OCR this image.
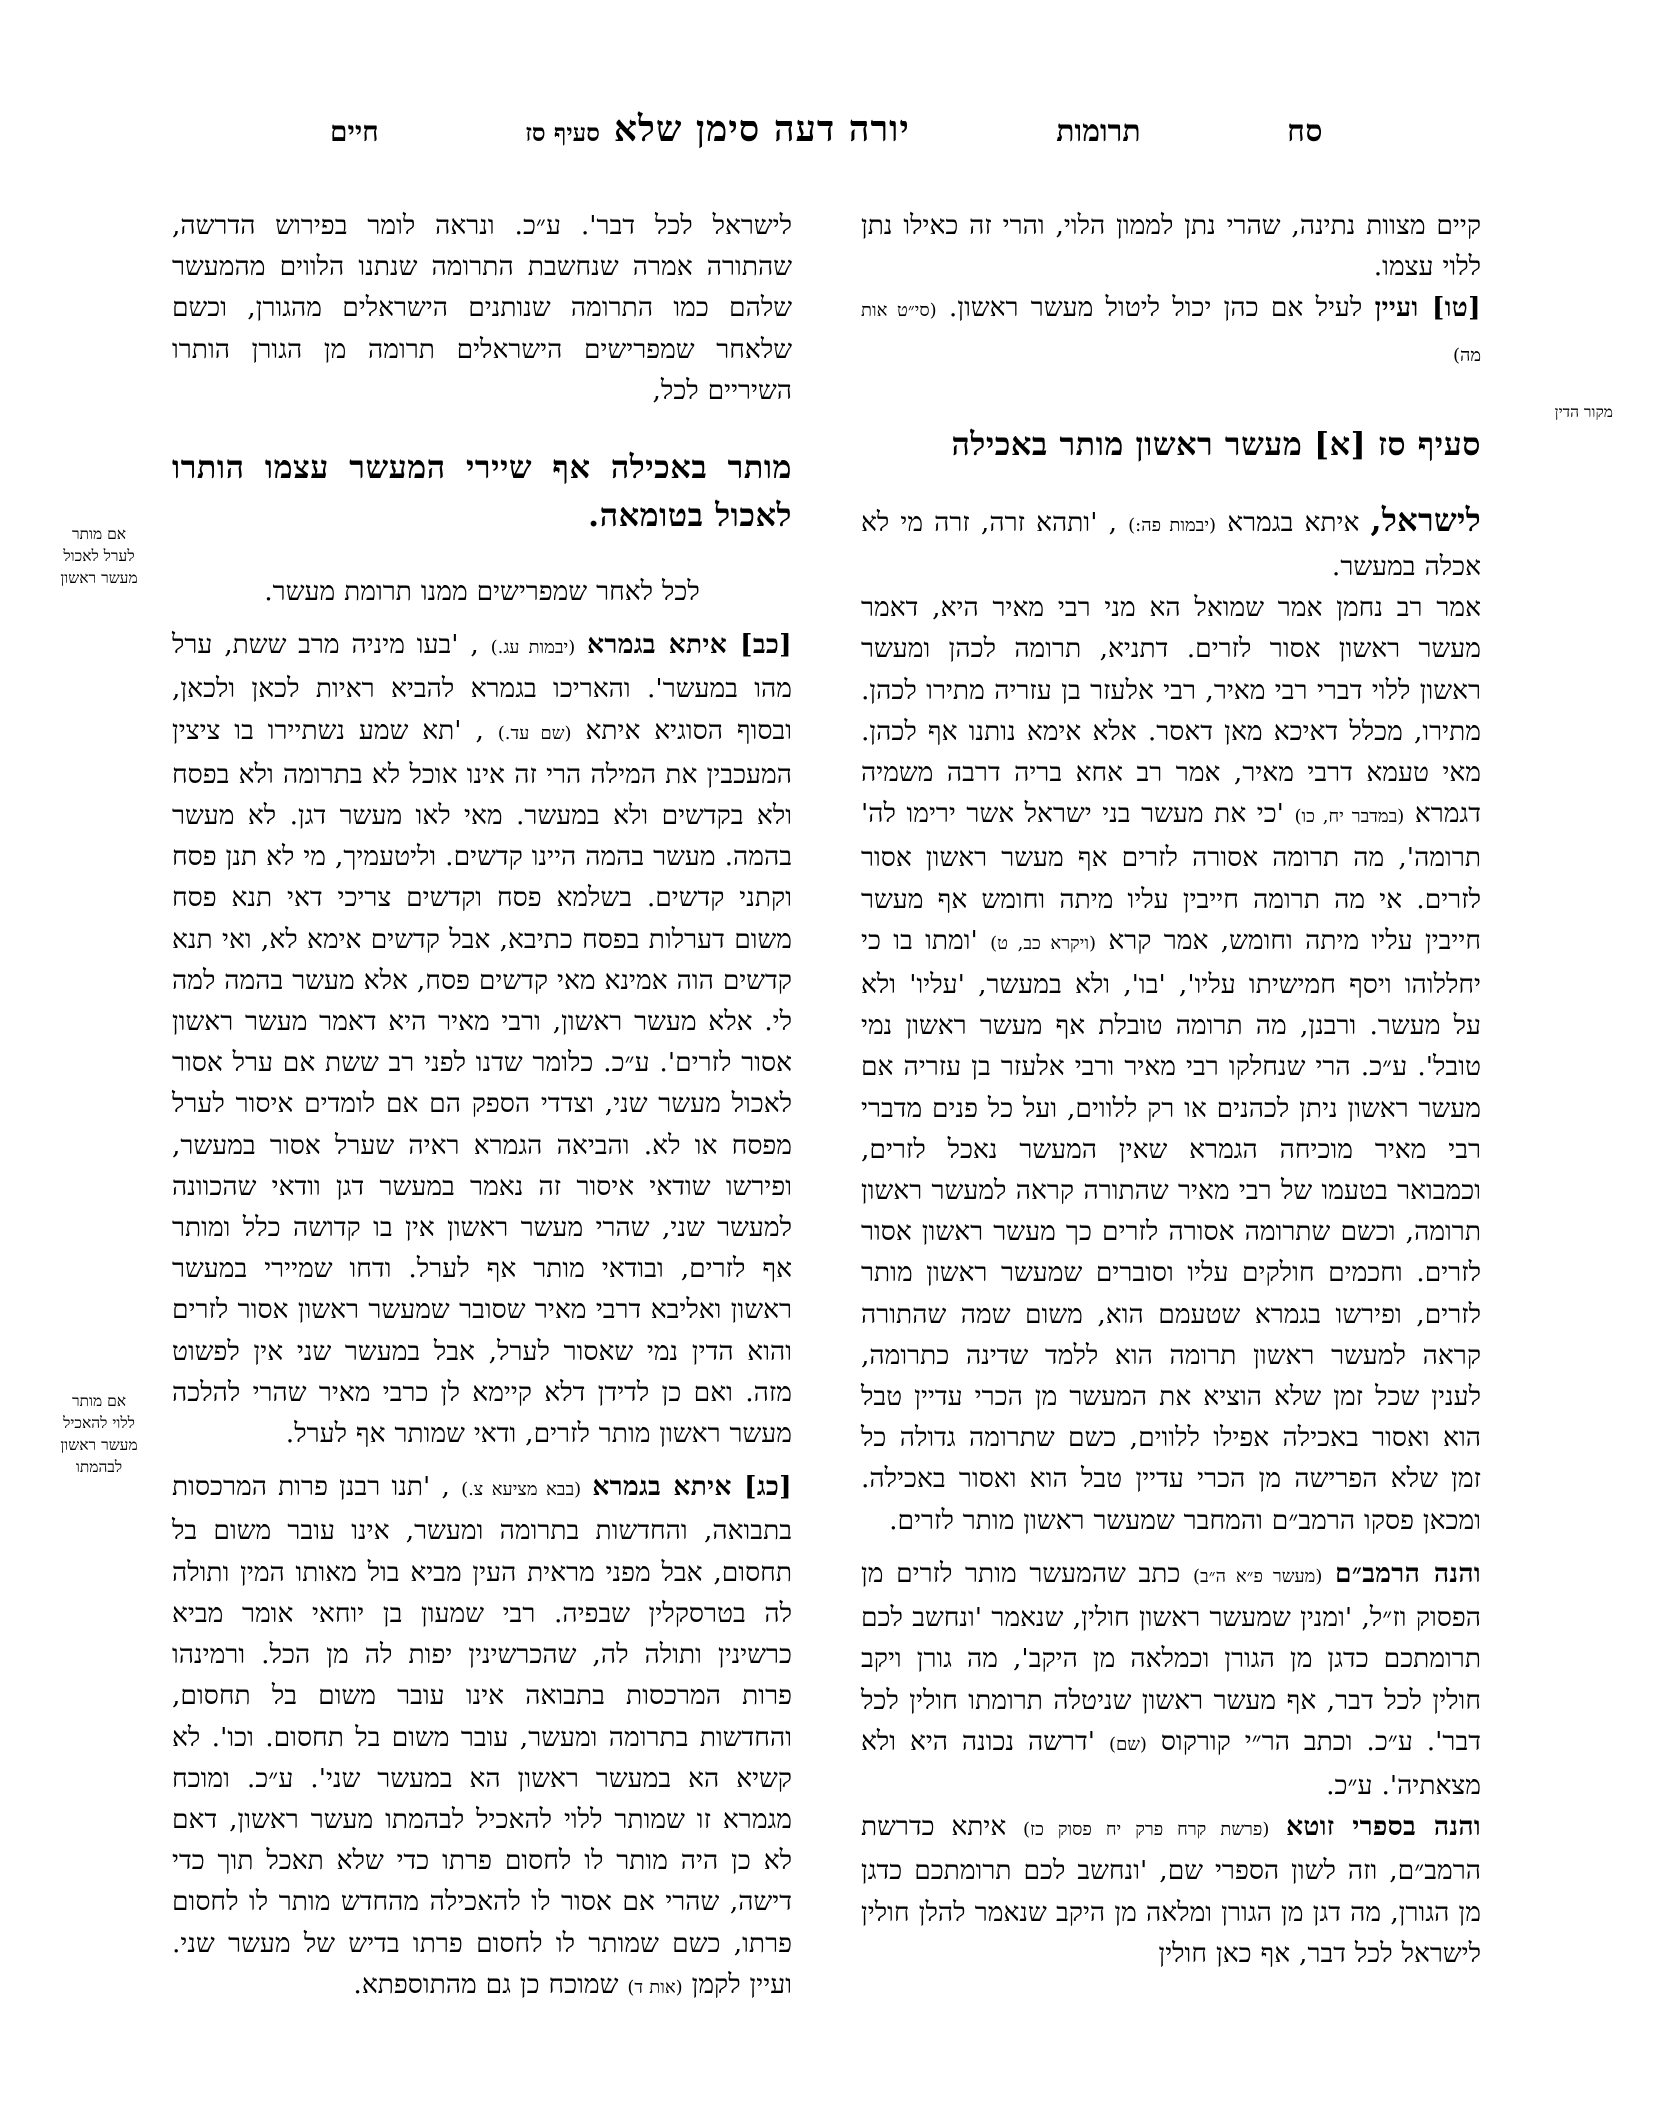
סח
תרומות
יורה דעה סימן שלא
סעיף סז
חיים
מקור הדין

קיים מצוות נתינה, שהרי נתן לממון הלוי, והרי זה כאילו נתן ללוי עצמו.

[טו] ועיין לעיל אם כהן יכול ליטול מעשר ראשון. (סי״ט אות מה)

סעיף סז [א] מעשר ראשון מותר באכילה

לישראל, איתא בגמרא (יבמות פה:) , 'ותהא זרה, זרה מי לא אכלה במעשר.

אמר רב נחמן אמר שמואל הא מני רבי מאיר היא, דאמר מעשר ראשון אסור לזרים. דתניא, תרומה לכהן ומעשר ראשון ללוי דברי רבי מאיר, רבי אלעזר בן עזריה מתירו לכהן. מתירו, מכלל דאיכא מאן דאסר. אלא אימא נותנו אף לכהן. מאי טעמא דרבי מאיר, אמר רב אחא בריה דרבה משמיה דגמרא (במדבר יח, כו) 'כי את מעשר בני ישראל אשר ירימו לה' תרומה', מה תרומה אסורה לזרים אף מעשר ראשון אסור לזרים. אי מה תרומה חייבין עליו מיתה וחומש אף מעשר חייבין עליו מיתה וחומש, אמר קרא (ויקרא כב, ט) 'ומתו בו כי יחללוהו ויסף חמישיתו עליו', 'בו', ולא במעשר, 'עליו' ולא על מעשר. ורבנן, מה תרומה טובלת אף מעשר ראשון נמי טובל'. ע״כ. הרי שנחלקו רבי מאיר ורבי אלעזר בן עזריה אם מעשר ראשון ניתן לכהנים או רק ללווים, ועל כל פנים מדברי רבי מאיר מוכיחה הגמרא שאין המעשר נאכל לזרים, וכמבואר בטעמו של רבי מאיר שהתורה קראה למעשר ראשון תרומה, וכשם שתרומה אסורה לזרים כך מעשר ראשון אסור לזרים. וחכמים חולקים עליו וסוברים שמעשר ראשון מותר לזרים, ופירשו בגמרא שטעמם הוא, משום שמה שהתורה קראה למעשר ראשון תרומה הוא ללמד שדינה כתרומה, לענין שכל זמן שלא הוציא את המעשר מן הכרי עדיין טבל הוא ואסור באכילה אפילו ללווים, כשם שתרומה גדולה כל זמן שלא הפרישה מן הכרי עדיין טבל הוא ואסור באכילה. ומכאן פסקו הרמב״ם והמחבר שמעשר ראשון מותר לזרים.

והנה הרמב״ם (מעשר פ״א ה״ב) כתב שהמעשר מותר לזרים מן הפסוק וז״ל, 'ומנין שמעשר ראשון חולין, שנאמר 'ונחשב לכם תרומתכם כדגן מן הגורן וכמלאה מן היקב', מה גורן ויקב חולין לכל דבר, אף מעשר ראשון שניטלה תרומתו חולין לכל דבר'. ע״כ. וכתב הר״י קורקוס (שם) 'דרשה נכונה היא ולא מצאתיה'. ע״כ.

והנה בספרי זוטא (פרשת קרח פרק יח פסוק כז) איתא כדרשת הרמב״ם, וזה לשון הספרי שם, 'ונחשב לכם תרומתכם כדגן מן הגורן, מה דגן מן הגורן ומלאה מן היקב שנאמר להלן חולין לישראל לכל דבר, אף כאן חולין

אם מותר
לערל לאכול
מעשר ראשון
אם מותר
ללוי להאכיל
מעשר ראשון
לבהמתו

לישראל לכל דבר'. ע״כ. ונראה לומר בפירוש הדרשה, שהתורה אמרה שנחשבת התרומה שנתנו הלווים מהמעשר שלהם כמו התרומה שנותנים הישראלים מהגורן, וכשם שלאחר שמפרישים הישראלים תרומה מן הגורן הותרו השיריים לכל,

מותר באכילה אף שיירי המעשר עצמו הותרו לאכול בטומאה.

לכל לאחר שמפרישים ממנו תרומת מעשר.

[כב] איתא בגמרא (יבמות עג.) , 'בעו מיניה מרב ששת, ערל מהו במעשר'. והאריכו בגמרא להביא ראיות לכאן ולכאן, ובסוף הסוגיא איתא (שם עד.) , 'תא שמע נשתיירו בו ציצין המעכבין את המילה הרי זה אינו אוכל לא בתרומה ולא בפסח ולא בקדשים ולא במעשר. מאי לאו מעשר דגן. לא מעשר בהמה. מעשר בהמה היינו קדשים. וליטעמיך, מי לא תנן פסח וקתני קדשים. בשלמא פסח וקדשים צריכי דאי תנא פסח משום דערלות בפסח כתיבא, אבל קדשים אימא לא, ואי תנא קדשים הוה אמינא מאי קדשים פסח, אלא מעשר בהמה למה לי. אלא מעשר ראשון, ורבי מאיר היא דאמר מעשר ראשון אסור לזרים'. ע״כ. כלומר שדנו לפני רב ששת אם ערל אסור לאכול מעשר שני, וצדדי הספק הם אם לומדים איסור לערל מפסח או לא. והביאה הגמרא ראיה שערל אסור במעשר, ופירשו שודאי איסור זה נאמר במעשר דגן וודאי שהכוונה למעשר שני, שהרי מעשר ראשון אין בו קדושה כלל ומותר אף לזרים, ובודאי מותר אף לערל. ודחו שמיירי במעשר ראשון ואליבא דרבי מאיר שסובר שמעשר ראשון אסור לזרים והוא הדין נמי שאסור לערל, אבל במעשר שני אין לפשוט מזה. ואם כן לדידן דלא קיימא לן כרבי מאיר שהרי להלכה מעשר ראשון מותר לזרים, ודאי שמותר אף לערל.

[כג] איתא בגמרא (בבא מציעא צ.) , 'תנו רבנן פרות המרכסות בתבואה, והחדשות בתרומה ומעשר, אינו עובר משום בל תחסום, אבל מפני מראית העין מביא בול מאותו המין ותולה לה בטרסקלין שבפיה. רבי שמעון בן יוחאי אומר מביא כרשינין ותולה לה, שהכרשינין יפות לה מן הכל. ורמינהו פרות המרכסות בתבואה אינו עובר משום בל תחסום, והחדשות בתרומה ומעשר, עובר משום בל תחסום. וכו'. לא קשיא הא במעשר ראשון הא במעשר שני'. ע״כ. ומוכח מגמרא זו שמותר ללוי להאכיל לבהמתו מעשר ראשון, דאם לא כן היה מותר לו לחסום פרתו כדי שלא תאכל תוך כדי דישה, שהרי אם אסור לו להאכילה מהחדש מותר לו לחסום פרתו, כשם שמותר לו לחסום פרתו בדיש של מעשר שני. ועיין לקמן (אות ד) שמוכח כן גם מהתוספתא.
